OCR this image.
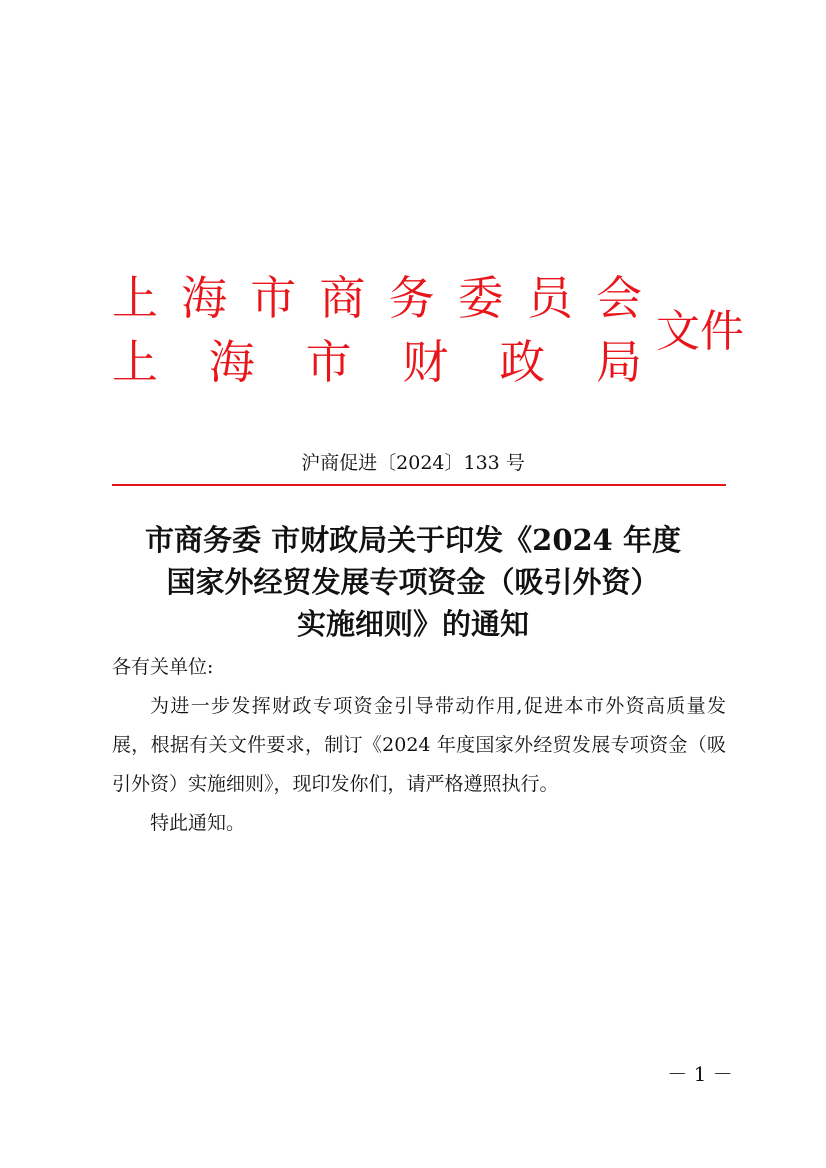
上 海 市 商 务 委 员 会
上 海 市 财 政 局
文件
沪商促进〔2024〕133 号
市商务委 市财政局关于印发《2024 年度
国家外经贸发展专项资金（吸引外资）
实施细则》的通知
各有关单位:

为进一步发挥财政专项资金引导带动作用,促进本市外资高质量发展，根据有关文件要求，制订《2024 年度国家外经贸发展专项资金（吸引外资）实施细则》，现印发你们，请严格遵照执行。

特此通知。

－ 1 －
